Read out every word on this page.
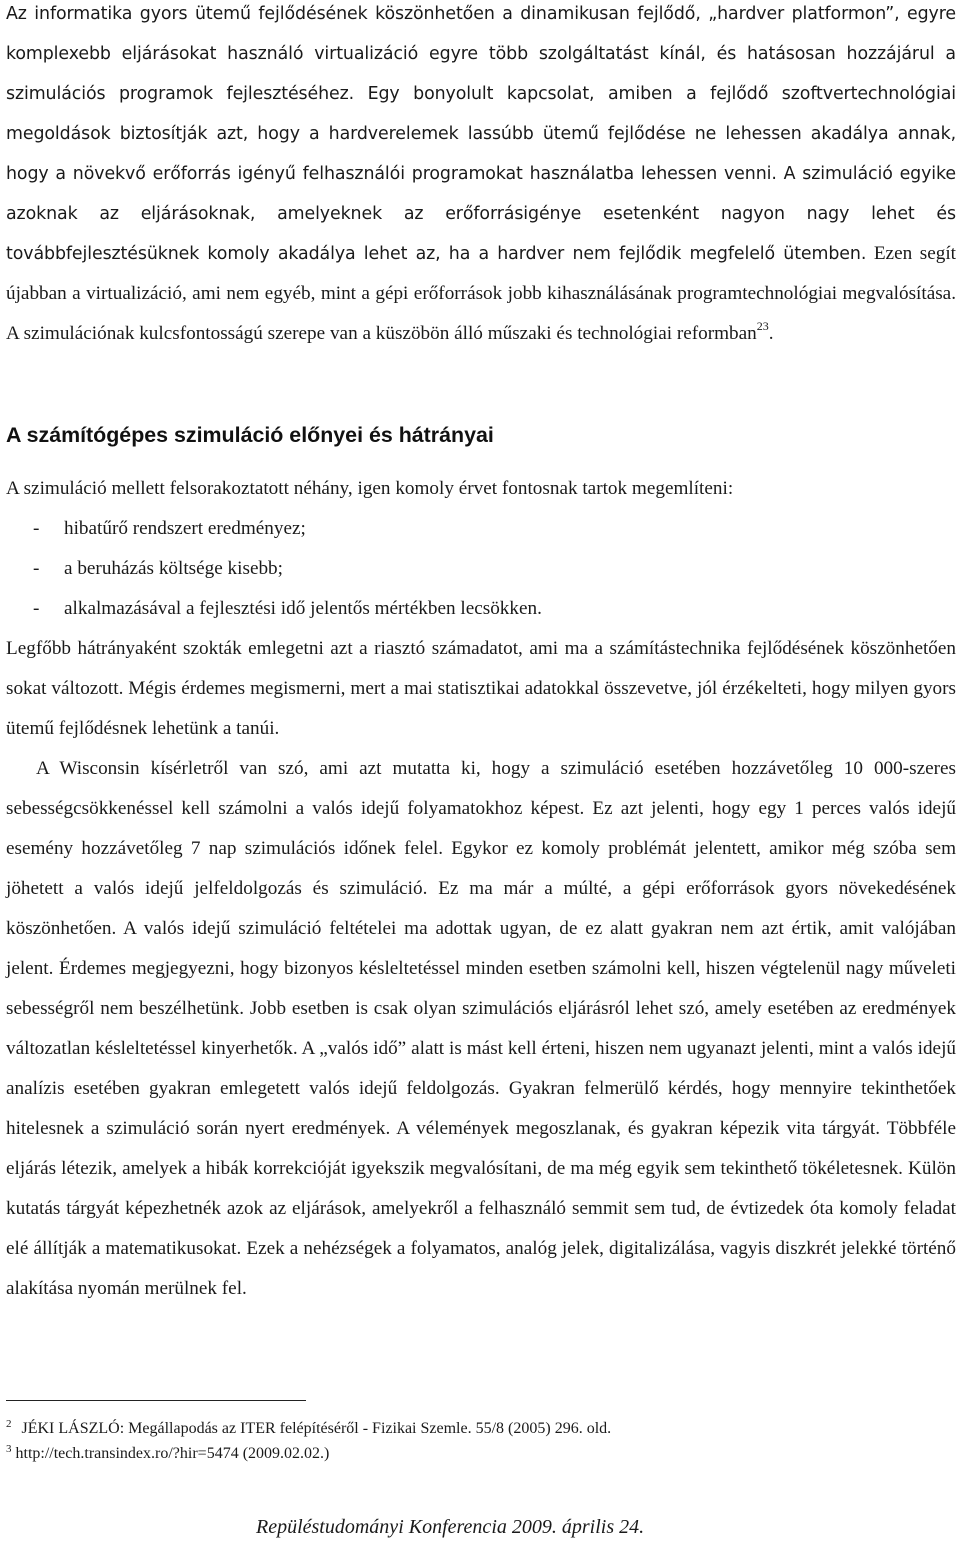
Az informatika gyors ütemű fejlődésének köszönhetően a dinamikusan fejlődő, „hardver platformon”, egyre komplexebb eljárásokat használó virtualizáció egyre több szolgáltatást kínál, és hatásosan hozzájárul a szimulációs programok fejlesztéséhez. Egy bonyolult kapcsolat, amiben a fejlődő szoftvertechnológiai megoldások biztosítják azt, hogy a hardverelemek lassúbb ütemű fejlődése ne lehessen akadálya annak, hogy a növekvő erőforrás igényű felhasználói programokat használatba lehessen venni. A szimuláció egyike azoknak az eljárásoknak, amelyeknek az erőforrásigénye esetenként nagyon nagy lehet és továbbfejlesztésüknek komoly akadálya lehet az, ha a hardver nem fejlődik megfelelő ütemben. Ezen segít újabban a virtualizáció, ami nem egyéb, mint a gépi erőforrások jobb kihasználásának programtechnológiai megvalósítása. A szimulációnak kulcsfontosságú szerepe van a küszöbön álló műszaki és technológiai reformban$^{23}$.

A számítógépes szimuláció előnyei és hátrányai

A szimuláció mellett felsorakoztatott néhány, igen komoly érvet fontosnak tartok megemlíteni:

- hibatűrő rendszert eredményez;
- a beruházás költsége kisebb;
- alkalmazásával a fejlesztési idő jelentős mértékben lecsökken.

Legfőbb hátrányaként szokták emlegetni azt a riasztó számadatot, ami ma a számítástechnika fejlődésének köszönhetően sokat változott. Mégis érdemes megismerni, mert a mai statisztikai adatokkal összevetve, jól érzékelteti, hogy milyen gyors ütemű fejlődésnek lehetünk a tanúi.

A Wisconsin kísérletről van szó, ami azt mutatta ki, hogy a szimuláció esetében hozzávetőleg 10 000-szeres sebességcsökkenéssel kell számolni a valós idejű folyamatokhoz képest. Ez azt jelenti, hogy egy 1 perces valós idejű esemény hozzávetőleg 7 nap szimulációs időnek felel. Egykor ez komoly problémát jelentett, amikor még szóba sem jöhetett a valós idejű jelfeldolgozás és szimuláció. Ez ma már a múlté, a gépi erőforrások gyors növekedésének köszönhetően. A valós idejű szimuláció feltételei ma adottak ugyan, de ez alatt gyakran nem azt értik, amit valójában jelent. Érdemes megjegyezni, hogy bizonyos késleltetéssel minden esetben számolni kell, hiszen végtelenül nagy műveleti sebességről nem beszélhetünk. Jobb esetben is csak olyan szimulációs eljárásról lehet szó, amely esetében az eredmények változatlan késleltetéssel kinyerhetők. A „valós idő” alatt is mást kell érteni, hiszen nem ugyanazt jelenti, mint a valós idejű analízis esetében gyakran emlegetett valós idejű feldolgozás. Gyakran felmerülő kérdés, hogy mennyire tekinthetőek hitelesnek a szimuláció során nyert eredmények. A vélemények megoszlanak, és gyakran képezik vita tárgyát. Többféle eljárás létezik, amelyek a hibák korrekcióját igyekszik megvalósítani, de ma még egyik sem tekinthető tökéletesnek. Külön kutatás tárgyát képezhetnék azok az eljárások, amelyekről a felhasználó semmit sem tud, de évtizedek óta komoly feladat elé állítják a matematikusokat. Ezek a nehézségek a folyamatos, analóg jelek, digitalizálása, vagyis diszkrét jelekké történő alakítása nyomán merülnek fel.

$^2$ JÉKI LÁSZLÓ: Megállapodás az ITER felépítéséről - Fizikai Szemle. 55/8 (2005) 296. old.

$^3$ http://tech.transindex.ro/?hir=5474 (2009.02.02.)

Repüléstudományi Konferencia 2009. április 24.
